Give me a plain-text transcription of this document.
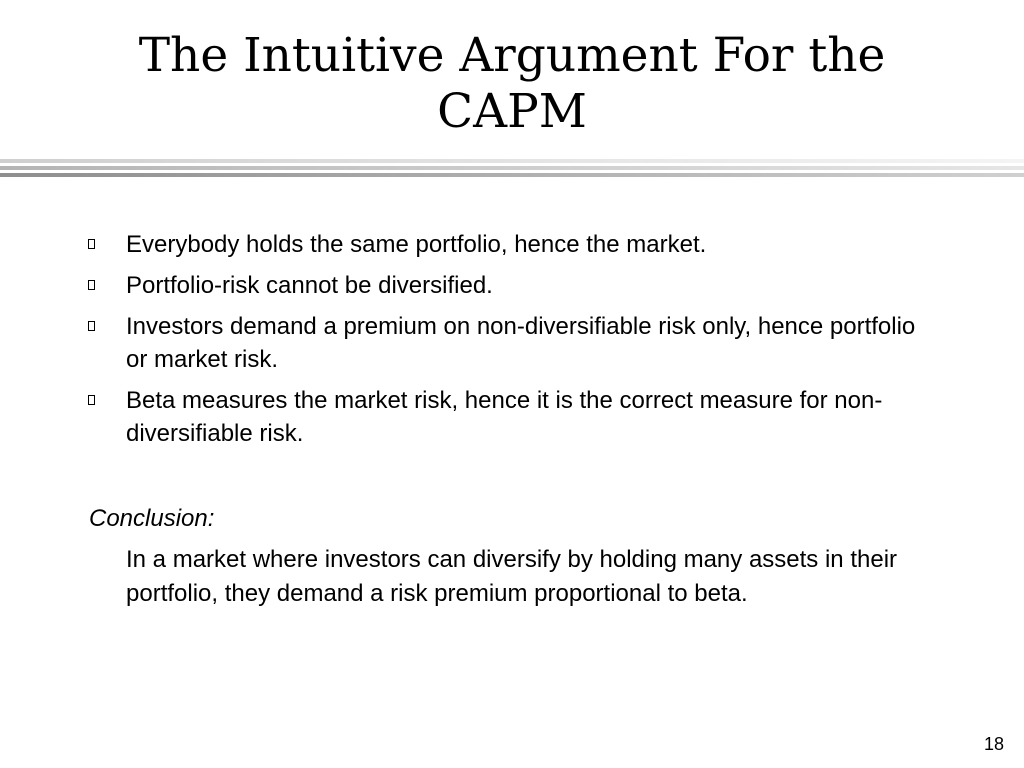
The Intuitive Argument For the
CAPM
Everybody holds the same portfolio, hence the market.
Portfolio-risk cannot be diversified.
Investors demand a premium on non-diversifiable risk only, hence portfolio or market risk.
Beta measures the market risk, hence it is the correct measure for non-diversifiable risk.
Conclusion:
In a market where investors can diversify by holding many assets in their portfolio, they demand a risk premium proportional to beta.
18
